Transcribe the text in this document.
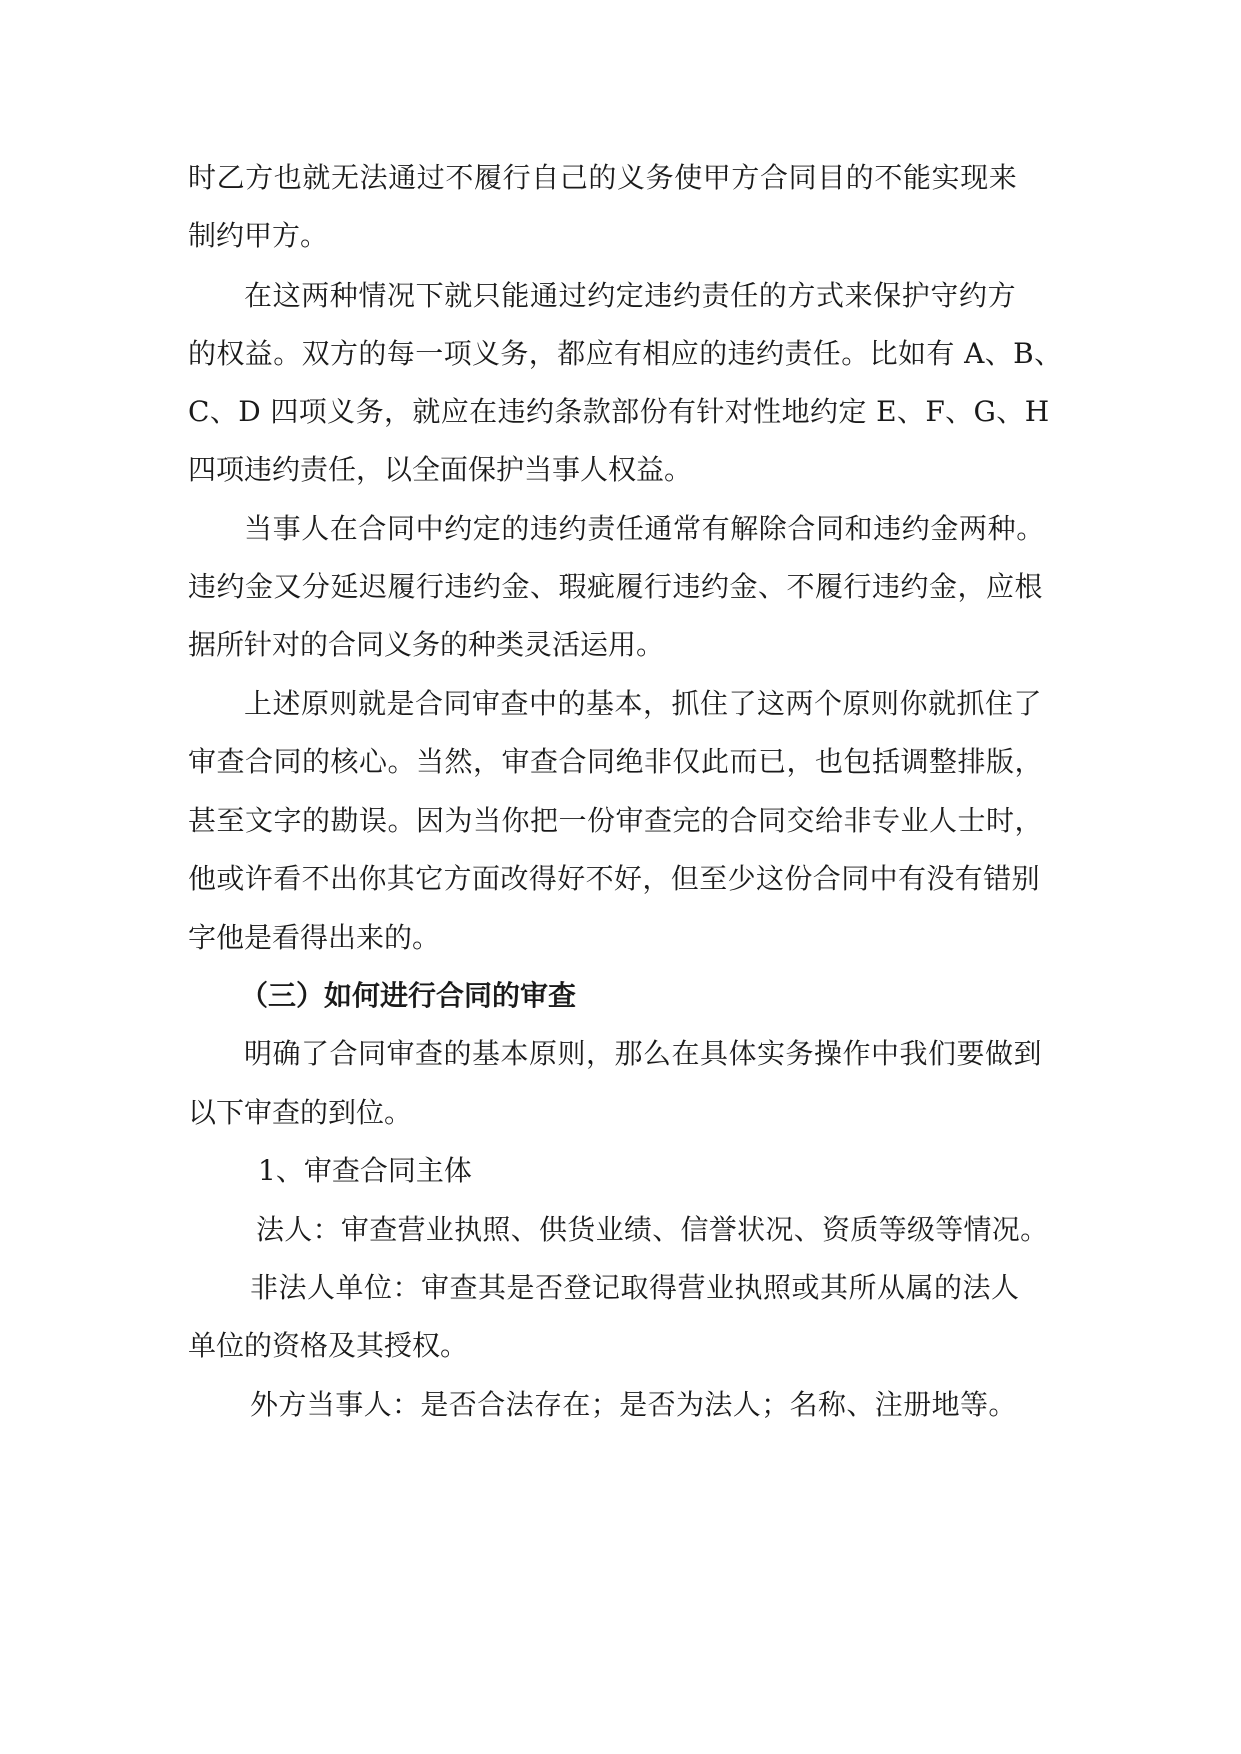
时乙方也就无法通过不履行自己的义务使甲方合同目的不能实现来
制约甲方。
在这两种情况下就只能通过约定违约责任的方式来保护守约方
的权益。双方的每一项义务，都应有相应的违约责任。比如有 A、B、
C、D 四项义务，就应在违约条款部份有针对性地约定 E、F、G、H
四项违约责任，以全面保护当事人权益。
当事人在合同中约定的违约责任通常有解除合同和违约金两种。
违约金又分延迟履行违约金、瑕疵履行违约金、不履行违约金，应根
据所针对的合同义务的种类灵活运用。
上述原则就是合同审查中的基本，抓住了这两个原则你就抓住了
审查合同的核心。当然，审查合同绝非仅此而已，也包括调整排版，
甚至文字的勘误。因为当你把一份审查完的合同交给非专业人士时，
他或许看不出你其它方面改得好不好，但至少这份合同中有没有错别
字他是看得出来的。
（三）如何进行合同的审查
明确了合同审查的基本原则，那么在具体实务操作中我们要做到
以下审查的到位。
1、审查合同主体
法人：审查营业执照、供货业绩、信誉状况、资质等级等情况。
非法人单位：审查其是否登记取得营业执照或其所从属的法人
单位的资格及其授权。
外方当事人：是否合法存在；是否为法人；名称、注册地等。
